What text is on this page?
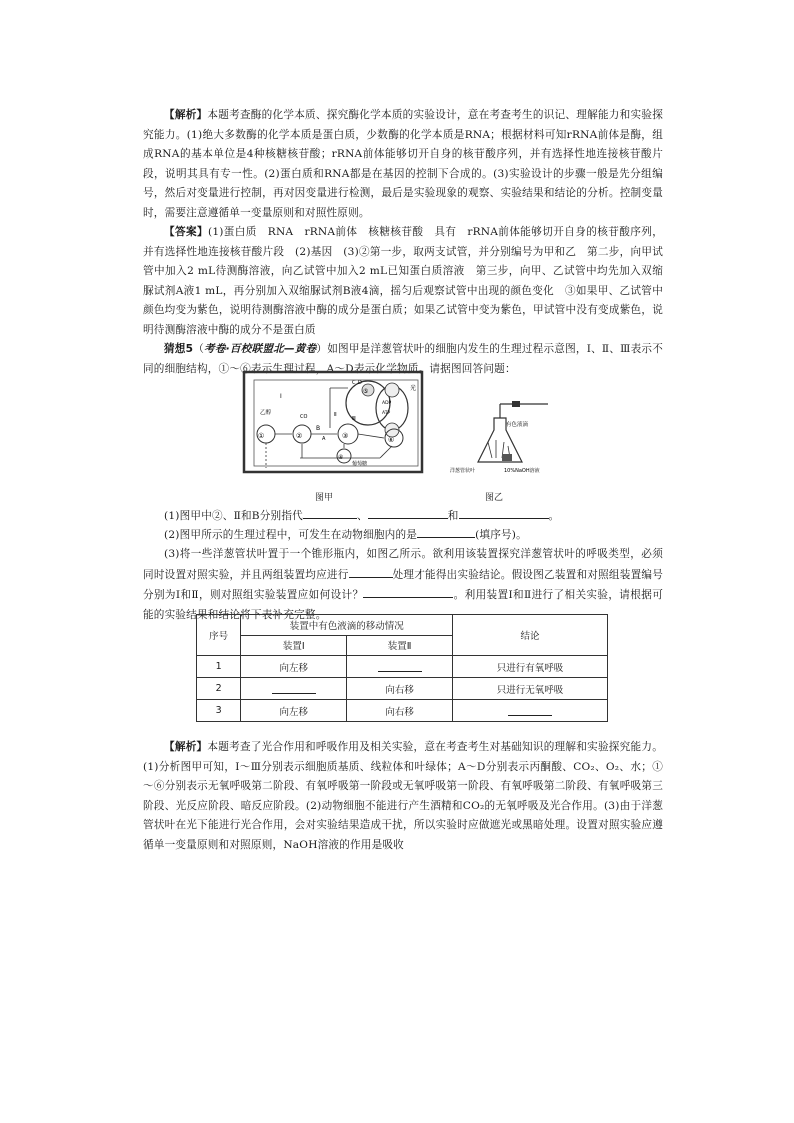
【解析】本题考查酶的化学本质、探究酶化学本质的实验设计，意在考查考生的识记、理解能力和实验探究能力。(1)绝大多数酶的化学本质是蛋白质，少数酶的化学本质是RNA；根据材料可知rRNA前体是酶，组成RNA的基本单位是4种核糖核苷酸；rRNA前体能够切开自身的核苷酸序列，并有选择性地连接核苷酸片段，说明其具有专一性。(2)蛋白质和RNA都是在基因的控制下合成的。(3)实验设计的步骤一般是先分组编号，然后对变量进行控制，再对因变量进行检测，最后是实验现象的观察、实验结果和结论的分析。控制变量时，需要注意遵循单一变量原则和对照性原则。

【答案】(1)蛋白质　RNA　rRNA前体　核糖核苷酸　具有　rRNA前体能够切开自身的核苷酸序列，并有选择性地连接核苷酸片段　(2)基因　(3)②第一步，取两支试管，并分别编号为甲和乙　第二步，向甲试管中加入2 mL待测酶溶液，向乙试管中加入2 mL已知蛋白质溶液　第三步，向甲、乙试管中均先加入双缩脲试剂A液1 mL，再分别加入双缩脲试剂B液4滴，摇匀后观察试管中出现的颜色变化　③如果甲、乙试管中颜色均变为紫色，说明待测酶溶液中酶的成分是蛋白质；如果乙试管中变为紫色，甲试管中没有变成紫色，说明待测酶溶液中酶的成分不是蛋白质

猜想5（考卷·百校联盟北—黄卷）如图甲是洋葱管状叶的细胞内发生的生理过程示意图，Ⅰ、Ⅱ、Ⅲ表示不同的细胞结构，①～⑥表示生理过程，A～D表示化学物质。请据图回答问题：

乙醇
①	②
B
③	⑥
④
⑤
葡萄糖
光
Ⅰ
Ⅱ
Ⅲ
C D
A
ATP
ADP
CO
图甲
有色液滴
洋葱管状叶	10%NaOH溶液
图乙

(1)图甲中②、Ⅱ和B分别指代	、	和	。

(2)图甲所示的生理过程中，可发生在动物细胞内的是	(填序号)。

(3)将一些洋葱管状叶置于一个锥形瓶内，如图乙所示。欲利用该装置探究洋葱管状叶的呼吸类型，必须同时设置对照实验，并且两组装置均应进行	处理才能得出实验结论。假设图乙装置和对照组装置编号分别为Ⅰ和Ⅱ，则对照组实验装置应如何设计？	。利用装置Ⅰ和Ⅱ进行了相关实验，请根据可能的实验结果和结论将下表补充完整。

序号	装置中有色液滴的移动情况		结论
	装置Ⅰ	装置Ⅱ	
1	向左移		只进行有氧呼吸
2		向右移	只进行无氧呼吸
3	向左移	向右移	

【解析】本题考查了光合作用和呼吸作用及相关实验，意在考查考生对基础知识的理解和实验探究能力。(1)分析图甲可知，Ⅰ～Ⅲ分别表示细胞质基质、线粒体和叶绿体；A～D分别表示丙酮酸、CO₂、O₂、水；①～⑥分别表示无氧呼吸第二阶段、有氧呼吸第一阶段或无氧呼吸第一阶段、有氧呼吸第二阶段、有氧呼吸第三阶段、光反应阶段、暗反应阶段。(2)动物细胞不能进行产生酒精和CO₂的无氧呼吸及光合作用。(3)由于洋葱管状叶在光下能进行光合作用，会对实验结果造成干扰，所以实验时应做遮光或黑暗处理。设置对照实验应遵循单一变量原则和对照原则，NaOH溶液的作用是吸收
